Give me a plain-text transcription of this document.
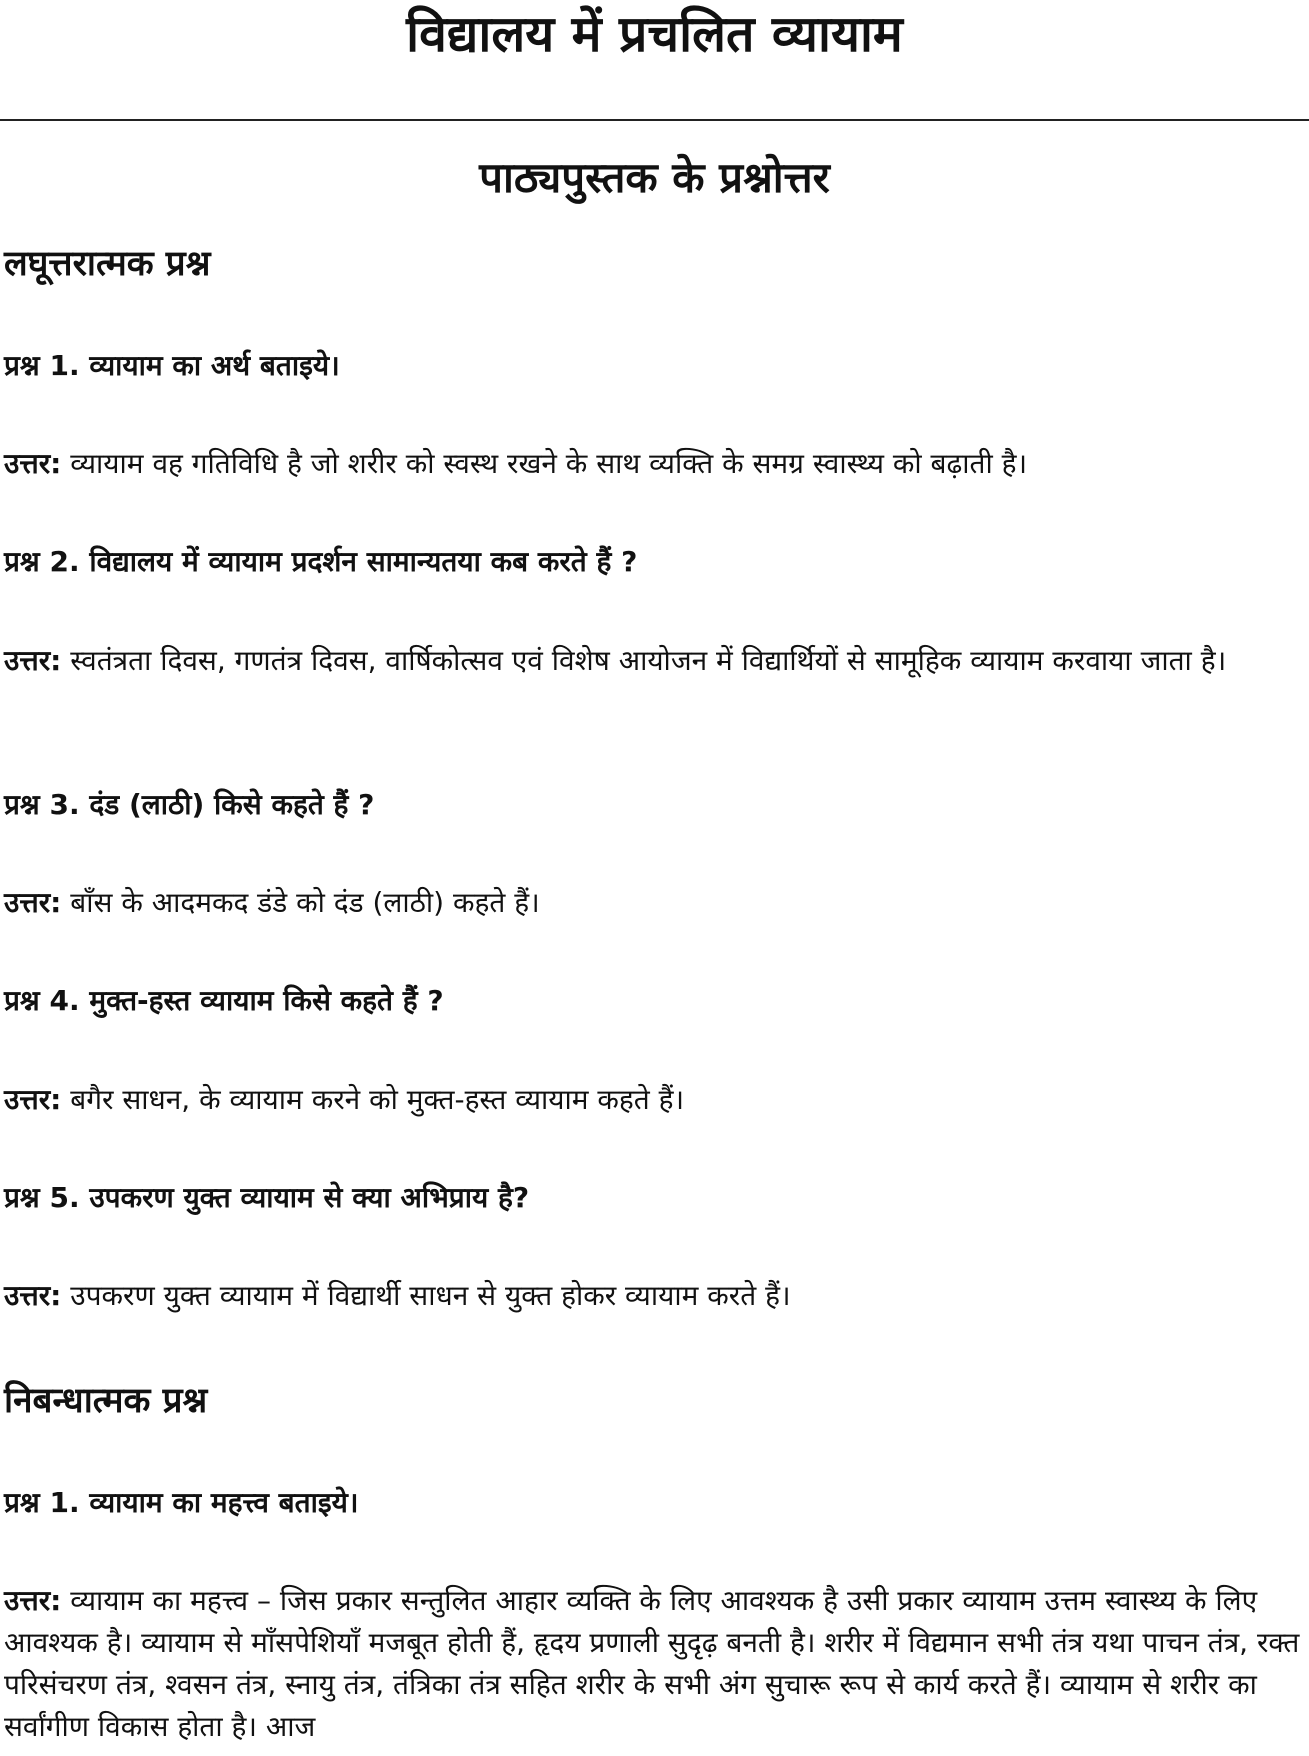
विद्यालय में प्रचलित व्यायाम
पाठ्यपुस्तक के प्रश्नोत्तर
लघूत्तरात्मक प्रश्न

प्रश्न 1. व्यायाम का अर्थ बताइये।

उत्तर: व्यायाम वह गतिविधि है जो शरीर को स्वस्थ रखने के साथ व्यक्ति के समग्र स्वास्थ्य को बढ़ाती है।

प्रश्न 2. विद्यालय में व्यायाम प्रदर्शन सामान्यतया कब करते हैं ?

उत्तर: स्वतंत्रता दिवस, गणतंत्र दिवस, वार्षिकोत्सव एवं विशेष आयोजन में विद्यार्थियों से सामूहिक व्यायाम करवाया जाता है।

प्रश्न 3. दंड (लाठी) किसे कहते हैं ?

उत्तर: बाँस के आदमकद डंडे को दंड (लाठी) कहते हैं।

प्रश्न 4. मुक्त-हस्त व्यायाम किसे कहते हैं ?

उत्तर: बगैर साधन, के व्यायाम करने को मुक्त-हस्त व्यायाम कहते हैं।

प्रश्न 5. उपकरण युक्त व्यायाम से क्या अभिप्राय है?

उत्तर: उपकरण युक्त व्यायाम में विद्यार्थी साधन से युक्त होकर व्यायाम करते हैं।

निबन्धात्मक प्रश्न

प्रश्न 1. व्यायाम का महत्त्व बताइये।

उत्तर: व्यायाम का महत्त्व – जिस प्रकार सन्तुलित आहार व्यक्ति के लिए आवश्यक है उसी प्रकार व्यायाम उत्तम स्वास्थ्य के लिए आवश्यक है। व्यायाम से माँसपेशियाँ मजबूत होती हैं, हृदय प्रणाली सुदृढ़ बनती है। शरीर में विद्यमान सभी तंत्र यथा पाचन तंत्र, रक्त परिसंचरण तंत्र, श्वसन तंत्र, स्नायु तंत्र, तंत्रिका तंत्र सहित शरीर के सभी अंग सुचारू रूप से कार्य करते हैं। व्यायाम से शरीर का सर्वांगीण विकास होता है। आज
